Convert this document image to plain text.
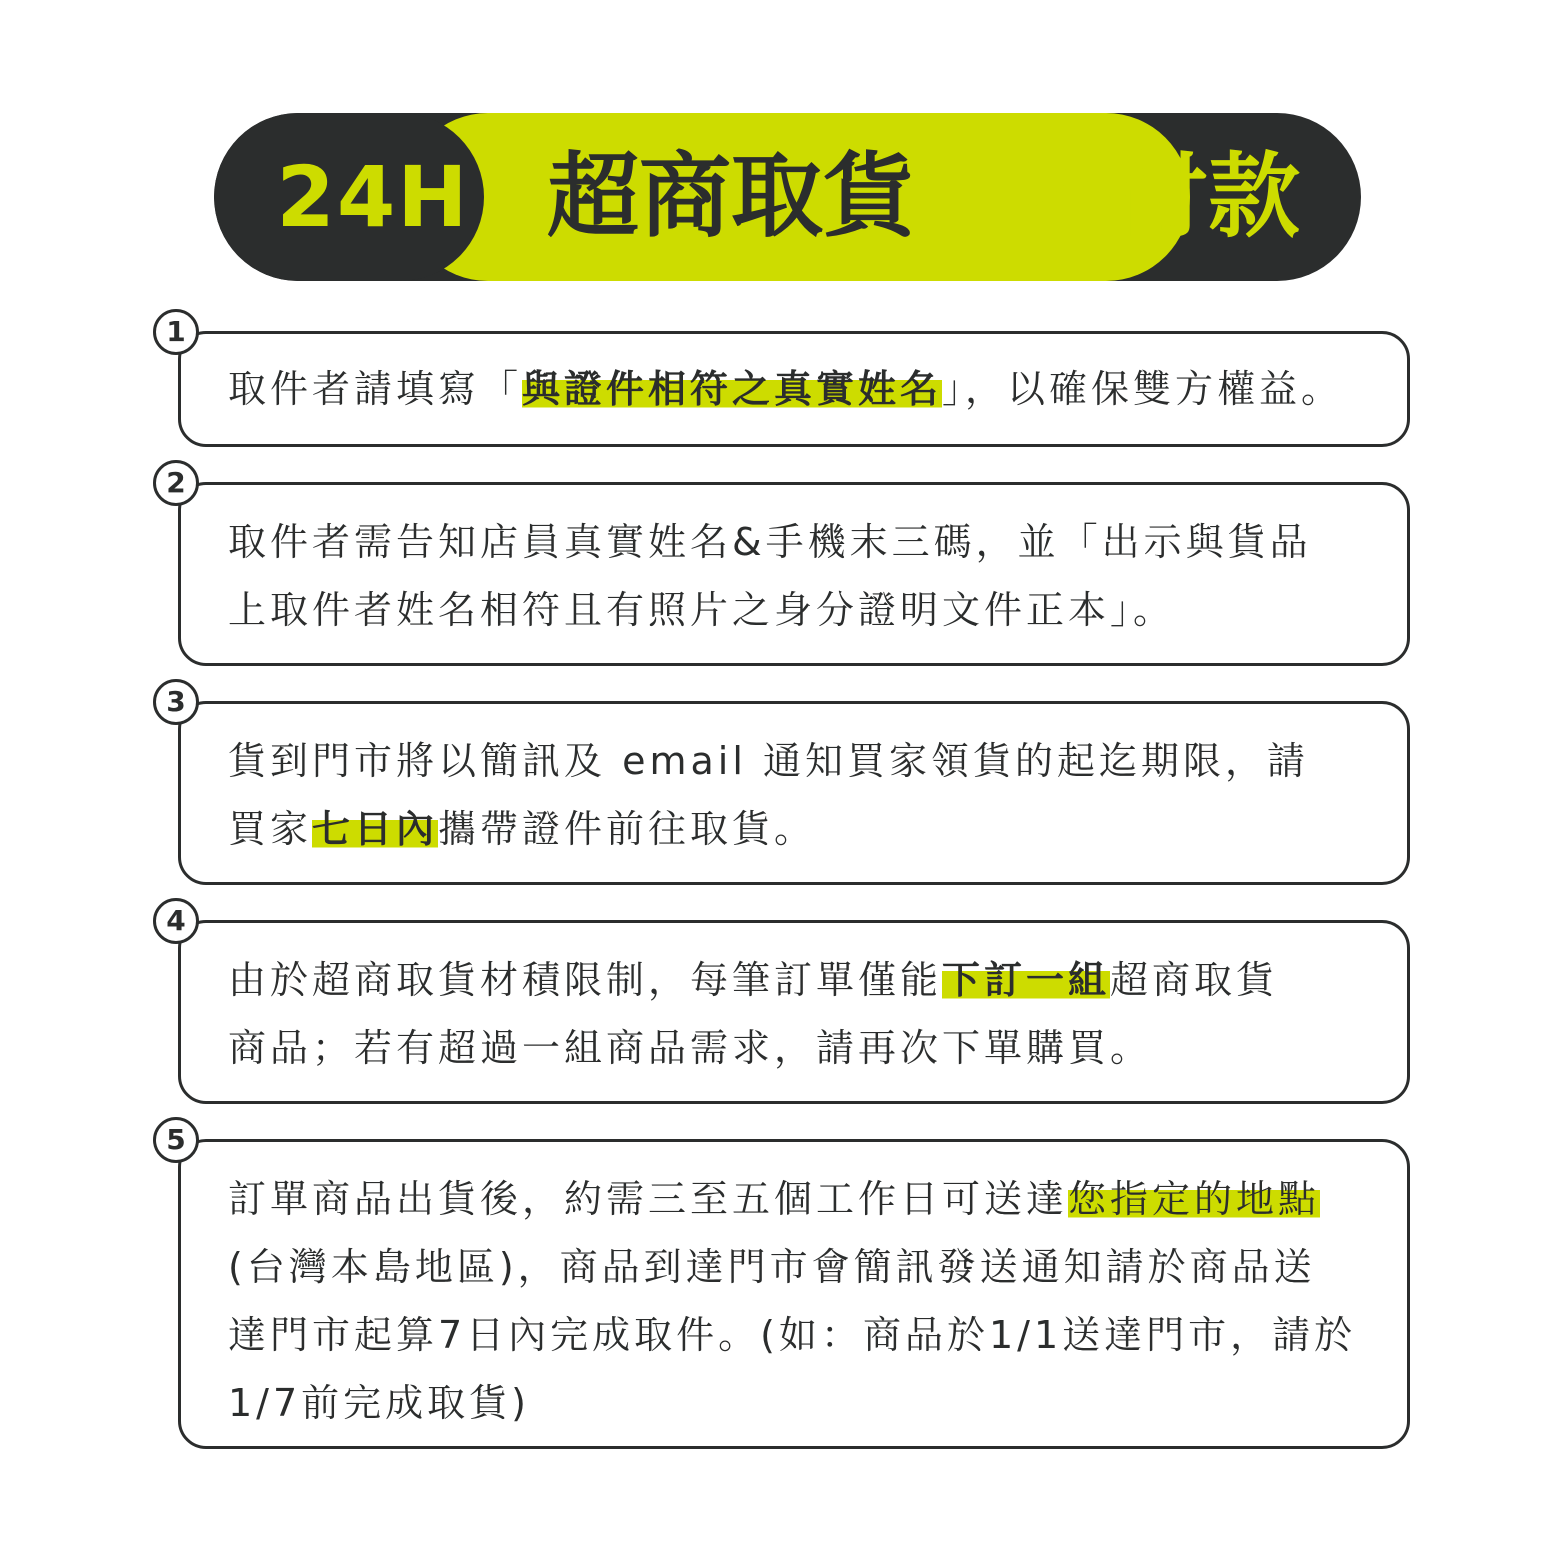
24H 超商取貨 不付款
1
取件者請填寫「與證件相符之真實姓名」，以確保雙方權益。
2
取件者需告知店員真實姓名&手機末三碼，並「出示與貨品
上取件者姓名相符且有照片之身分證明文件正本」。
3
貨到門市將以簡訊及 email 通知買家領貨的起迄期限，請
買家七日內攜帶證件前往取貨。
4
由於超商取貨材積限制，每筆訂單僅能下訂一組超商取貨
商品；若有超過一組商品需求，請再次下單購買。
5
訂單商品出貨後，約需三至五個工作日可送達您指定的地點
(台灣本島地區)，商品到達門市會簡訊發送通知請於商品送
達門市起算7日內完成取件。(如：商品於1/1送達門市，請於
1/7前完成取貨)
